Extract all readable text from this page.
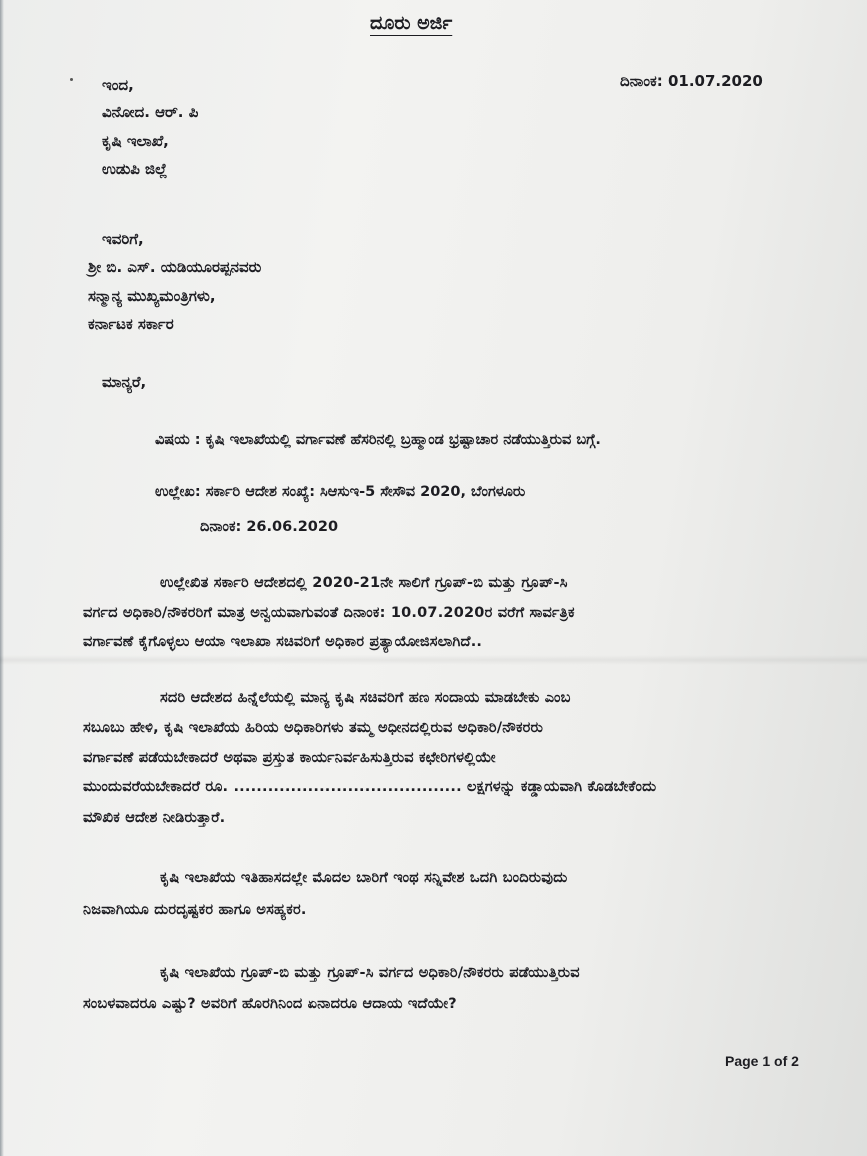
ದೂರು ಅರ್ಜಿ
ಇಂದ,
ವಿನೋದ. ಆರ್. ಪಿ
ಕೃಷಿ ಇಲಾಖೆ,
ಉಡುಪಿ ಜಿಲ್ಲೆ
ದಿನಾಂಕ: 01.07.2020
ಇವರಿಗೆ,
ಶ್ರೀ ಬಿ. ಎಸ್. ಯಡಿಯೂರಪ್ಪನವರು
ಸನ್ಮಾನ್ಯ ಮುಖ್ಯಮಂತ್ರಿಗಳು,
ಕರ್ನಾಟಕ ಸರ್ಕಾರ
ಮಾನ್ಯರೆ,
ವಿಷಯ : ಕೃಷಿ ಇಲಾಖೆಯಲ್ಲಿ ವರ್ಗಾವಣೆ ಹೆಸರಿನಲ್ಲಿ ಬ್ರಹ್ಮಾಂಡ ಭ್ರಷ್ಟಾಚಾರ ನಡೆಯುತ್ತಿರುವ ಬಗ್ಗೆ.
ಉಲ್ಲೇಖ: ಸರ್ಕಾರಿ ಆದೇಶ ಸಂಖ್ಯೆ: ಸಿಆಸುಇ-5 ಸೇಸೌವ 2020, ಬೆಂಗಳೂರು
ದಿನಾಂಕ: 26.06.2020
ಉಲ್ಲೇಖಿತ ಸರ್ಕಾರಿ ಆದೇಶದಲ್ಲಿ 2020-21ನೇ ಸಾಲಿಗೆ ಗ್ರೂಪ್-ಬಿ ಮತ್ತು ಗ್ರೂಪ್-ಸಿ
ವರ್ಗದ ಅಧಿಕಾರಿ/ನೌಕರರಿಗೆ ಮಾತ್ರ ಅನ್ವಯವಾಗುವಂತೆ ದಿನಾಂಕ: 10.07.2020ರ ವರೆಗೆ ಸಾರ್ವತ್ರಿಕ
ವರ್ಗಾವಣೆ ಕೈಗೊಳ್ಳಲು ಆಯಾ ಇಲಾಖಾ ಸಚಿವರಿಗೆ ಅಧಿಕಾರ ಪ್ರತ್ಯಾಯೋಜಿಸಲಾಗಿದೆ..
ಸದರಿ ಆದೇಶದ ಹಿನ್ನೆಲೆಯಲ್ಲಿ ಮಾನ್ಯ ಕೃಷಿ ಸಚಿವರಿಗೆ ಹಣ ಸಂದಾಯ ಮಾಡಬೇಕು ಎಂಬ
ಸಬೂಬು ಹೇಳಿ, ಕೃಷಿ ಇಲಾಖೆಯ ಹಿರಿಯ ಅಧಿಕಾರಿಗಳು ತಮ್ಮ ಅಧೀನದಲ್ಲಿರುವ ಅಧಿಕಾರಿ/ನೌಕರರು
ವರ್ಗಾವಣೆ ಪಡೆಯಬೇಕಾದರೆ ಅಥವಾ ಪ್ರಸ್ತುತ ಕಾರ್ಯನಿರ್ವಹಿಸುತ್ತಿರುವ ಕಛೇರಿಗಳಲ್ಲಿಯೇ
ಮುಂದುವರೆಯಬೇಕಾದರೆ ರೂ. ........................................ ಲಕ್ಷಗಳನ್ನು ಕಡ್ಡಾಯವಾಗಿ ಕೊಡಬೇಕೆಂದು
ಮೌಖಿಕ ಆದೇಶ ನೀಡಿರುತ್ತಾರೆ.
ಕೃಷಿ ಇಲಾಖೆಯ ಇತಿಹಾಸದಲ್ಲೇ ಮೊದಲ ಬಾರಿಗೆ ಇಂಥ ಸನ್ನಿವೇಶ ಒದಗಿ ಬಂದಿರುವುದು
ನಿಜವಾಗಿಯೂ ದುರದೃಷ್ಟಕರ ಹಾಗೂ ಅಸಹ್ಯಕರ.
ಕೃಷಿ ಇಲಾಖೆಯ ಗ್ರೂಪ್-ಬಿ ಮತ್ತು ಗ್ರೂಪ್-ಸಿ ವರ್ಗದ ಅಧಿಕಾರಿ/ನೌಕರರು ಪಡೆಯುತ್ತಿರುವ
ಸಂಬಳವಾದರೂ ಎಷ್ಟು? ಅವರಿಗೆ ಹೊರಗಿನಿಂದ ಏನಾದರೂ ಆದಾಯ ಇದೆಯೇ?
Page 1 of 2
